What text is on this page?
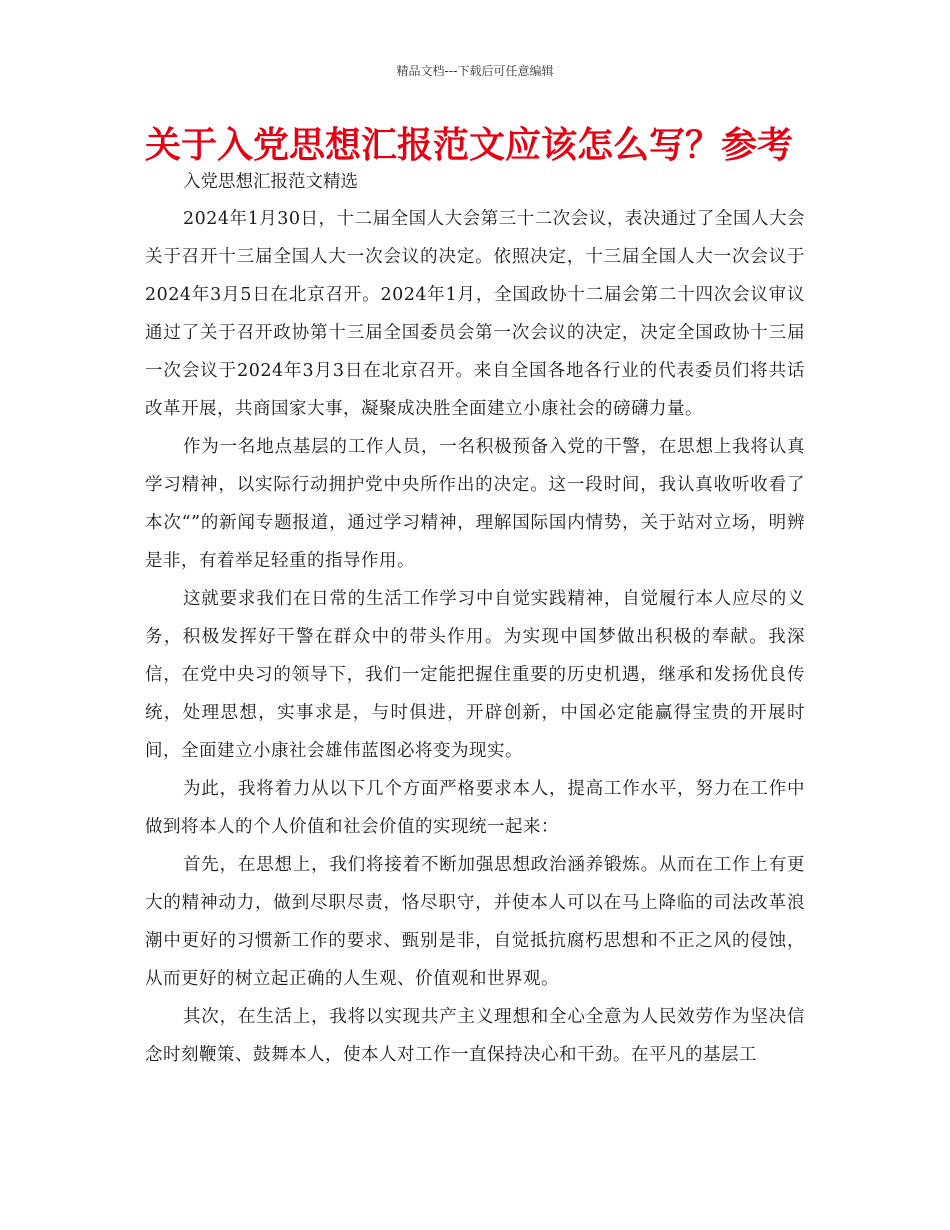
精品文档---下载后可任意编辑
关于入党思想汇报范文应该怎么写？参考

入党思想汇报范文精选

2024年1月30日，十二届全国人大会第三十二次会议，表决通过了全国人大会关于召开十三届全国人大一次会议的决定。依照决定，十三届全国人大一次会议于2024年3月5日在北京召开。2024年1月，全国政协十二届会第二十四次会议审议通过了关于召开政协第十三届全国委员会第一次会议的决定，决定全国政协十三届一次会议于2024年3月3日在北京召开。来自全国各地各行业的代表委员们将共话改革开展，共商国家大事，凝聚成决胜全面建立小康社会的磅礴力量。

作为一名地点基层的工作人员，一名积极预备入党的干警，在思想上我将认真学习精神，以实际行动拥护党中央所作出的决定。这一段时间，我认真收听收看了本次“”的新闻专题报道，通过学习精神，理解国际国内情势，关于站对立场，明辨是非，有着举足轻重的指导作用。

这就要求我们在日常的生活工作学习中自觉实践精神，自觉履行本人应尽的义务，积极发挥好干警在群众中的带头作用。为实现中国梦做出积极的奉献。我深信，在党中央习的领导下，我们一定能把握住重要的历史机遇，继承和发扬优良传统，处理思想，实事求是，与时俱进，开辟创新，中国必定能赢得宝贵的开展时间，全面建立小康社会雄伟蓝图必将变为现实。

为此，我将着力从以下几个方面严格要求本人，提高工作水平，努力在工作中做到将本人的个人价值和社会价值的实现统一起来：

首先，在思想上，我们将接着不断加强思想政治涵养锻炼。从而在工作上有更大的精神动力，做到尽职尽责，恪尽职守，并使本人可以在马上降临的司法改革浪潮中更好的习惯新工作的要求、甄别是非，自觉抵抗腐朽思想和不正之风的侵蚀，从而更好的树立起正确的人生观、价值观和世界观。

其次，在生活上，我将以实现共产主义理想和全心全意为人民效劳作为坚决信念时刻鞭策、鼓舞本人，使本人对工作一直保持决心和干劲。在平凡的基层工
